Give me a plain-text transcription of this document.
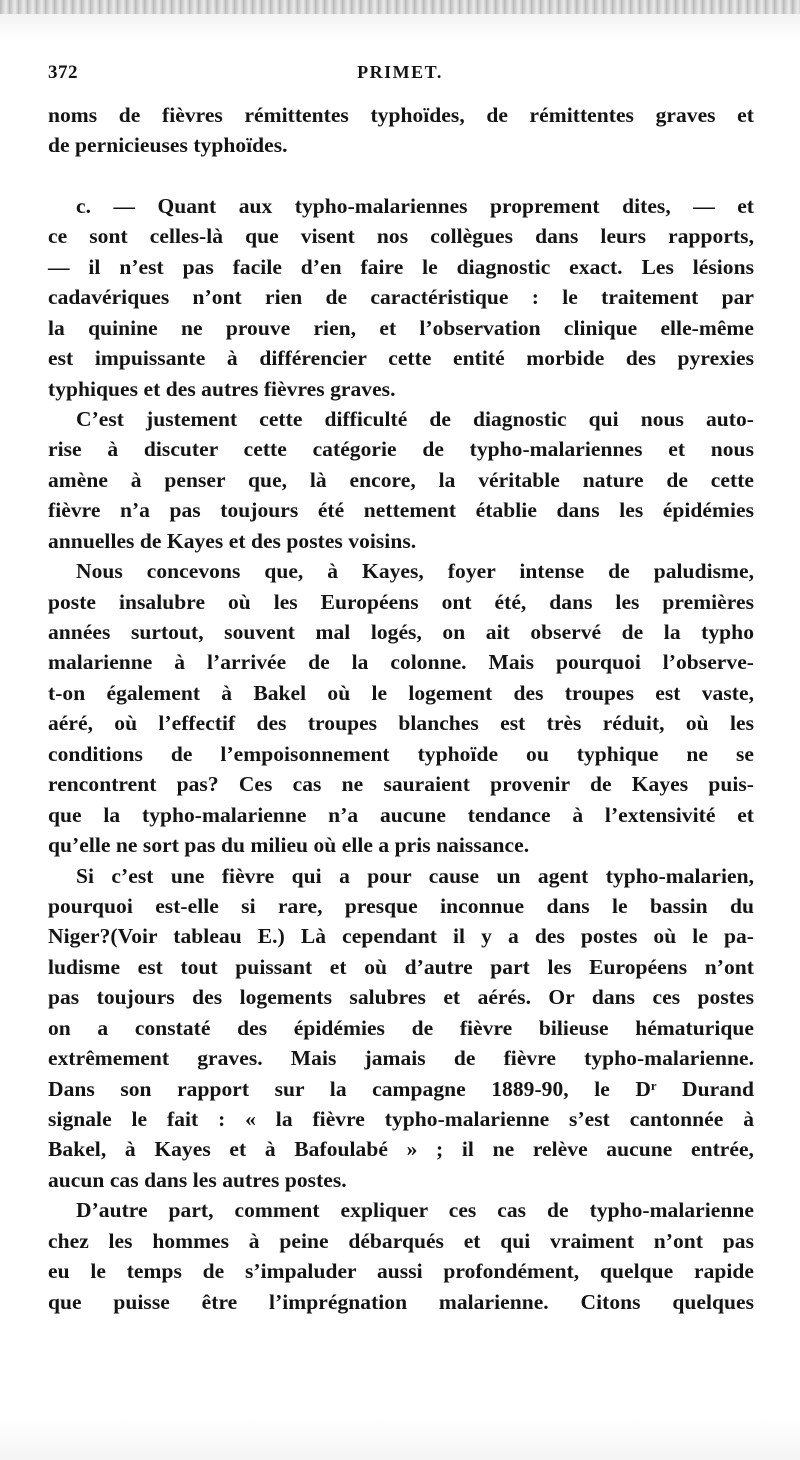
372	PRIMET.
noms de fièvres rémittentes typhoïdes, de rémittentes graves et
de pernicieuses typhoïdes.
c. — Quant aux typho-malariennes proprement dites, — et
ce sont celles-là que visent nos collègues dans leurs rapports,
— il n’est pas facile d’en faire le diagnostic exact. Les lésions
cadavériques n’ont rien de caractéristique : le traitement par
la quinine ne prouve rien, et l’observation clinique elle-même
est impuissante à différencier cette entité morbide des pyrexies
typhiques et des autres fièvres graves.
C’est justement cette difficulté de diagnostic qui nous auto-
rise à discuter cette catégorie de typho-malariennes et nous
amène à penser que, là encore, la véritable nature de cette
fièvre n’a pas toujours été nettement établie dans les épidémies
annuelles de Kayes et des postes voisins.
Nous concevons que, à Kayes, foyer intense de paludisme,
poste insalubre où les Européens ont été, dans les premières
années surtout, souvent mal logés, on ait observé de la typho
malarienne à l’arrivée de la colonne. Mais pourquoi l’observe-
t-on également à Bakel où le logement des troupes est vaste,
aéré, où l’effectif des troupes blanches est très réduit, où les
conditions de l’empoisonnement typhoïde ou typhique ne se
rencontrent pas? Ces cas ne sauraient provenir de Kayes puis-
que la typho-malarienne n’a aucune tendance à l’extensivité et
qu’elle ne sort pas du milieu où elle a pris naissance.
Si c’est une fièvre qui a pour cause un agent typho-malarien,
pourquoi est-elle si rare, presque inconnue dans le bassin du
Niger?(Voir tableau E.) Là cependant il y a des postes où le pa-
ludisme est tout puissant et où d’autre part les Européens n’ont
pas toujours des logements salubres et aérés. Or dans ces postes
on a constaté des épidémies de fièvre bilieuse hématurique
extrêmement graves. Mais jamais de fièvre typho-malarienne.
Dans son rapport sur la campagne 1889-90, le Dʳ Durand
signale le fait : « la fièvre typho-malarienne s’est cantonnée à
Bakel, à Kayes et à Bafoulabé » ; il ne relève aucune entrée,
aucun cas dans les autres postes.
D’autre part, comment expliquer ces cas de typho-malarienne
chez les hommes à peine débarqués et qui vraiment n’ont pas
eu le temps de s’impaluder aussi profondément, quelque rapide
que puisse être l’imprégnation malarienne. Citons quelques
